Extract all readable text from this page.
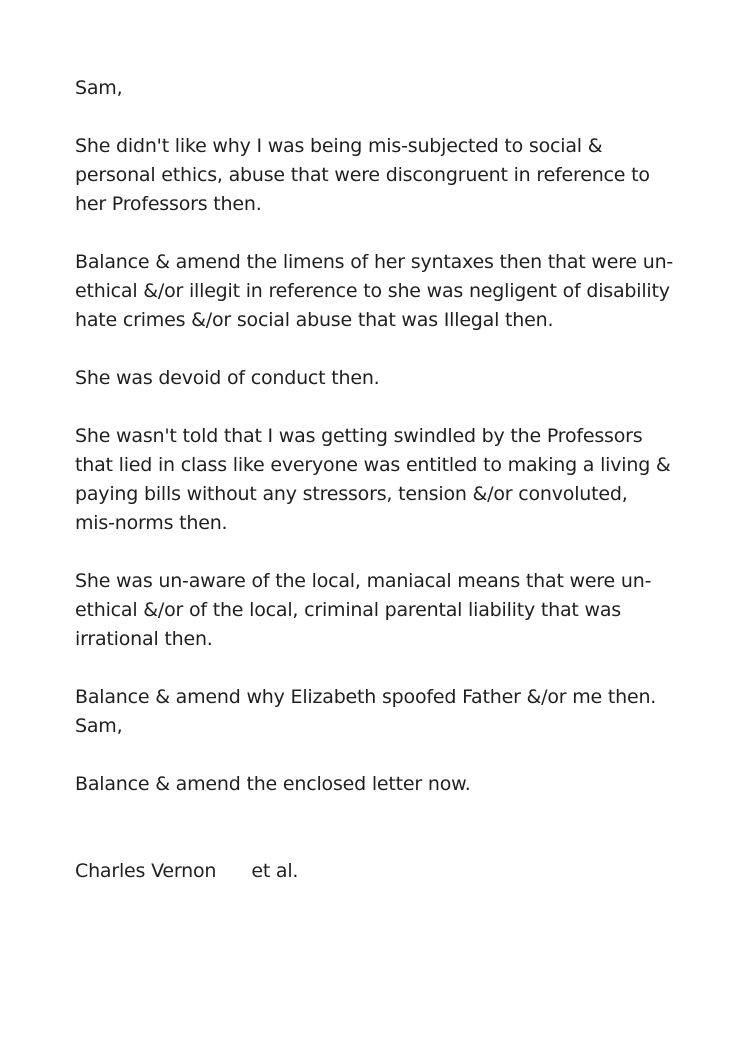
Sam,

She didn't like why I was being mis-subjected to social &
personal ethics, abuse that were discongruent in reference to
her Professors then.

Balance & amend the limens of her syntaxes then that were un-
ethical &/or illegit in reference to she was negligent of disability
hate crimes &/or social abuse that was Illegal then.

She was devoid of conduct then.

She wasn't told that I was getting swindled by the Professors
that lied in class like everyone was entitled to making a living &
paying bills without any stressors, tension &/or convoluted,
mis-norms then.

She was un-aware of the local, maniacal means that were un-
ethical &/or of the local, criminal parental liability that was
irrational then.

Balance & amend why Elizabeth spoofed Father &/or me then.

Sam,

Balance & amend the enclosed letter now.

Charles Vernon et al.
